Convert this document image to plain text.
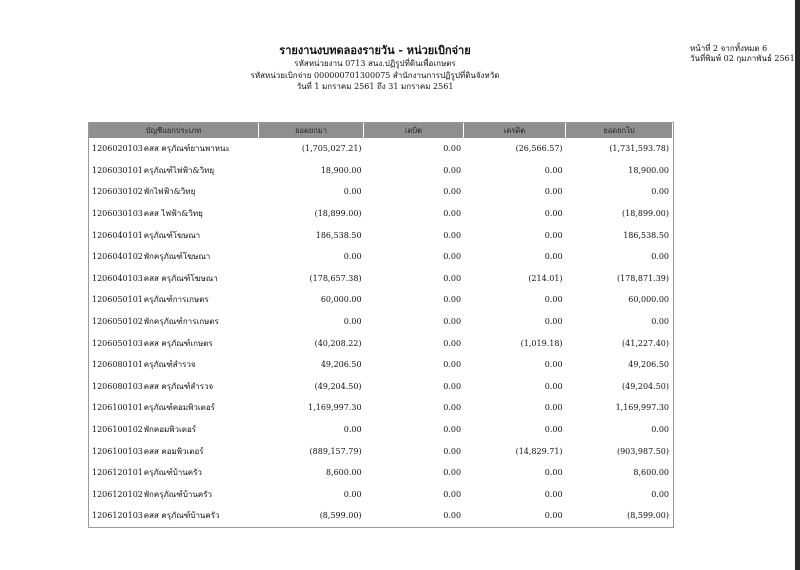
หน้าที่ 2 จากทั้งหมด 6
วันที่พิมพ์ 02 กุมภาพันธ์ 2561
รายงานงบทดลองรายวัน - หน่วยเบิกจ่าย
รหัสหน่วยงาน 0713 สนง.ปฏิรูปที่ดินเพื่อเกษตร
รหัสหน่วยเบิกจ่าย 000000701300075 สำนักงานการปฏิรูปที่ดินจังหวัด
วันที่ 1 มกราคม 2561 ถึง 31 มกราคม 2561
บัญชีแยกประเภท	ยอดยกมา	เดบิต	เครดิต	ยอดยกไป
1206020103 คสส ครุภัณฑ์ยานพาหนะ	(1,705,027.21)	0.00	(26,566.57)	(1,731,593.78)
1206030101 ครุภัณฑ์ไฟฟ้า&วิทยุ	18,900.00	0.00	0.00	18,900.00
1206030102 พักไฟฟ้า&วิทยุ	0.00	0.00	0.00	0.00
1206030103 คสส ไฟฟ้า&วิทยุ	(18,899.00)	0.00	0.00	(18,899.00)
1206040101 ครุภัณฑ์โฆษณา	186,538.50	0.00	0.00	186,538.50
1206040102 พักครุภัณฑ์โฆษณา	0.00	0.00	0.00	0.00
1206040103 คสส ครุภัณฑ์โฆษณา	(178,657.38)	0.00	(214.01)	(178,871.39)
1206050101 ครุภัณฑ์การเกษตร	60,000.00	0.00	0.00	60,000.00
1206050102 พักครุภัณฑ์การเกษตร	0.00	0.00	0.00	0.00
1206050103 คสส ครุภัณฑ์เกษตร	(40,208.22)	0.00	(1,019.18)	(41,227.40)
1206080101 ครุภัณฑ์สำรวจ	49,206.50	0.00	0.00	49,206.50
1206080103 คสส ครุภัณฑ์สำรวจ	(49,204.50)	0.00	0.00	(49,204.50)
1206100101 ครุภัณฑ์คอมพิวเตอร์	1,169,997.30	0.00	0.00	1,169,997.30
1206100102 พักคอมพิวเตอร์	0.00	0.00	0.00	0.00
1206100103 คสส คอมพิวเตอร์	(889,157.79)	0.00	(14,829.71)	(903,987.50)
1206120101 ครุภัณฑ์บ้านครัว	8,600.00	0.00	0.00	8,600.00
1206120102 พักครุภัณฑ์บ้านครัว	0.00	0.00	0.00	0.00
1206120103 คสส ครุภัณฑ์บ้านครัว	(8,599.00)	0.00	0.00	(8,599.00)
